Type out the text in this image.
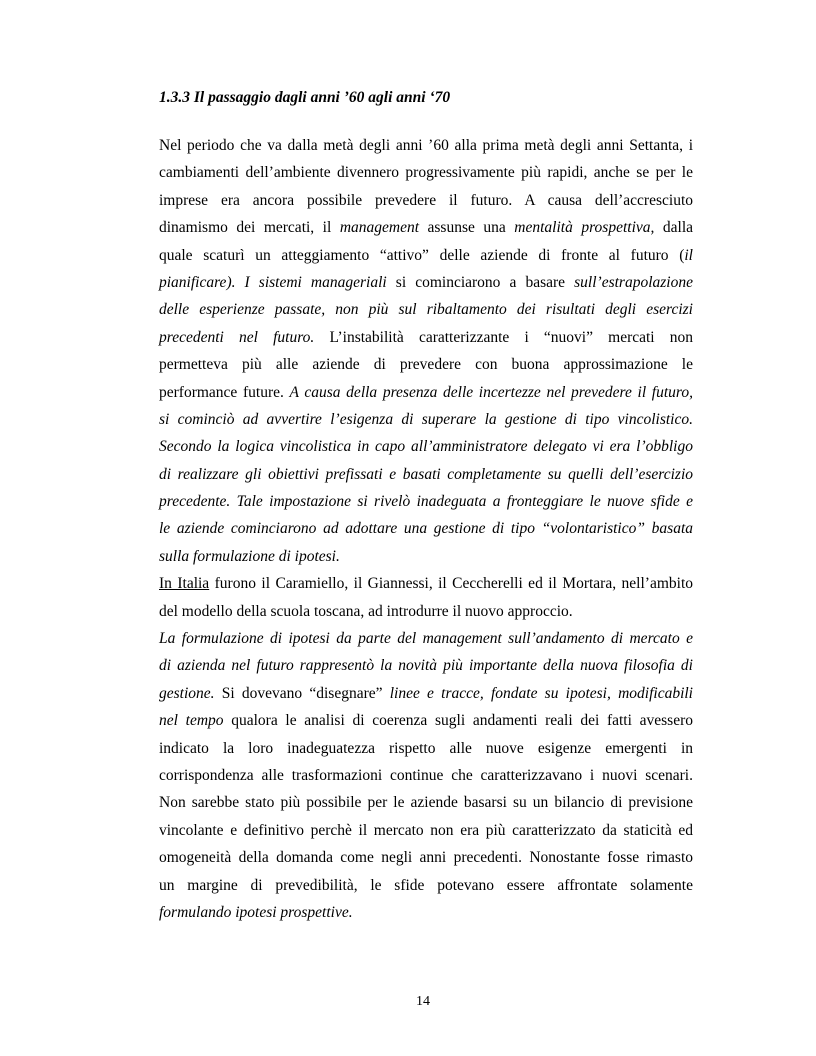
1.3.3 Il passaggio dagli anni ’60 agli anni ‘70
Nel periodo che va dalla metà degli anni ’60 alla prima metà degli anni Settanta, i
cambiamenti dell’ambiente divennero progressivamente più rapidi, anche se per le
imprese era ancora possibile prevedere il futuro. A causa dell’accresciuto
dinamismo dei mercati, il management assunse una mentalità prospettiva, dalla
quale scaturì un atteggiamento “attivo” delle aziende di fronte al futuro (il
pianificare). I sistemi manageriali si cominciarono a basare sull’estrapolazione
delle esperienze passate, non più sul ribaltamento dei risultati degli esercizi
precedenti nel futuro. L’instabilità caratterizzante i “nuovi” mercati non
permetteva più alle aziende di prevedere con buona approssimazione le
performance future. A causa della presenza delle incertezze nel prevedere il futuro,
si cominciò ad avvertire l’esigenza di superare la gestione di tipo vincolistico.
Secondo la logica vincolistica in capo all’amministratore delegato vi era l’obbligo
di realizzare gli obiettivi prefissati e basati completamente su quelli dell’esercizio
precedente. Tale impostazione si rivelò inadeguata a fronteggiare le nuove sfide e
le aziende cominciarono ad adottare una gestione di tipo “volontaristico” basata
sulla formulazione di ipotesi.
In Italia furono il Caramiello, il Giannessi, il Ceccherelli ed il Mortara, nell’ambito
del modello della scuola toscana, ad introdurre il nuovo approccio.
La formulazione di ipotesi da parte del management sull’andamento di mercato e
di azienda nel futuro rappresentò la novità più importante della nuova filosofia di
gestione. Si dovevano “disegnare” linee e tracce, fondate su ipotesi, modificabili
nel tempo qualora le analisi di coerenza sugli andamenti reali dei fatti avessero
indicato la loro inadeguatezza rispetto alle nuove esigenze emergenti in
corrispondenza alle trasformazioni continue che caratterizzavano i nuovi scenari.
Non sarebbe stato più possibile per le aziende basarsi su un bilancio di previsione
vincolante e definitivo perchè il mercato non era più caratterizzato da staticità ed
omogeneità della domanda come negli anni precedenti. Nonostante fosse rimasto
un margine di prevedibilità, le sfide potevano essere affrontate solamente
formulando ipotesi prospettive.
14
